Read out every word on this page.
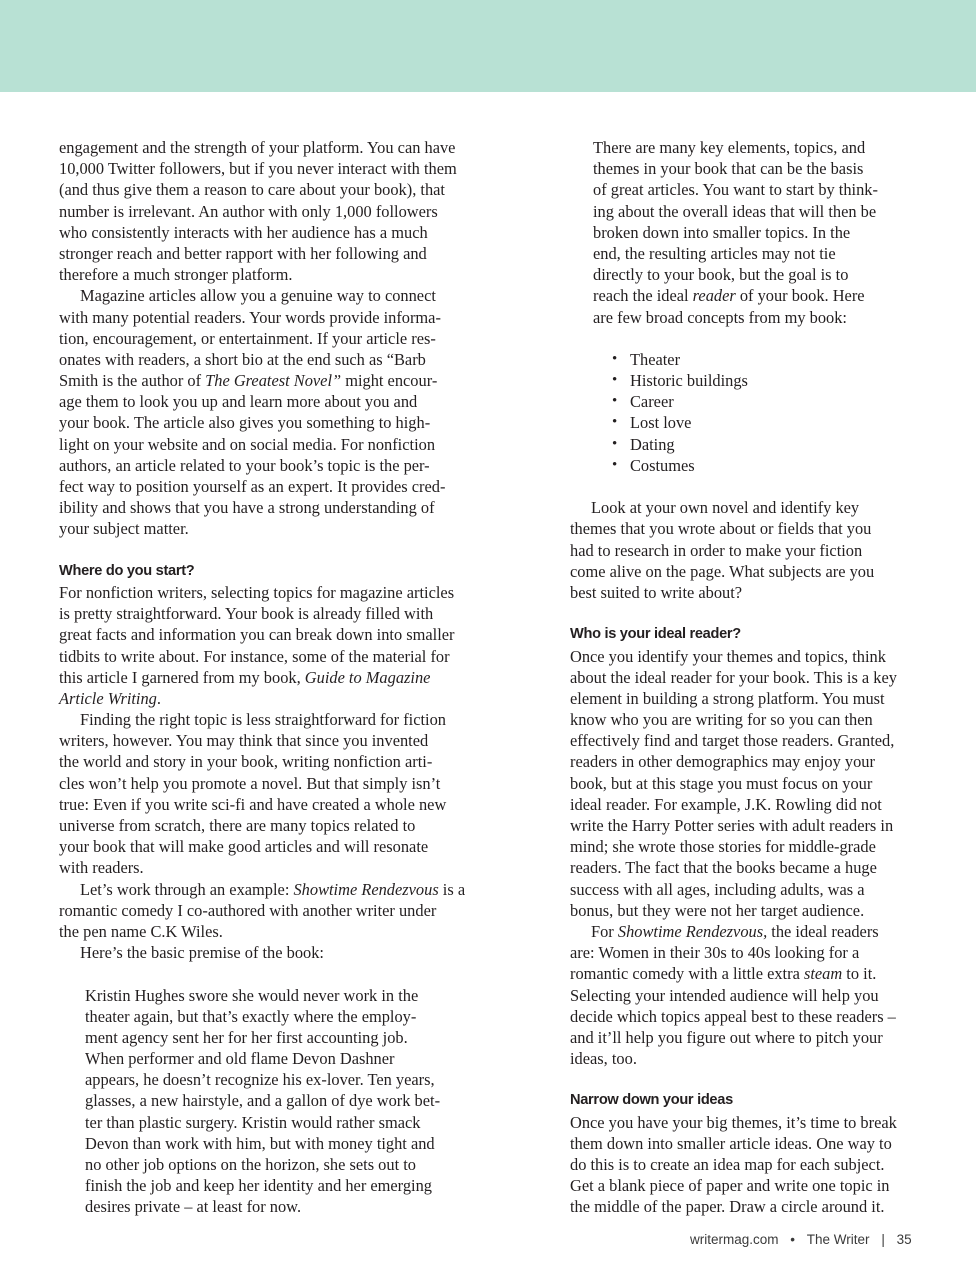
engagement and the strength of your platform. You can have
10,000 Twitter followers, but if you never interact with them
(and thus give them a reason to care about your book), that
number is irrelevant. An author with only 1,000 followers
who consistently interacts with her audience has a much
stronger reach and better rapport with her following and
therefore a much stronger platform.
Magazine articles allow you a genuine way to connect
with many potential readers. Your words provide informa-
tion, encouragement, or entertainment. If your article res-
onates with readers, a short bio at the end such as “Barb
Smith is the author of The Greatest Novel” might encour-
age them to look you up and learn more about you and
your book. The article also gives you something to high-
light on your website and on social media. For nonfiction
authors, an article related to your book’s topic is the per-
fect way to position yourself as an expert. It provides cred-
ibility and shows that you have a strong understanding of
your subject matter.
Where do you start?
For nonfiction writers, selecting topics for magazine articles
is pretty straightforward. Your book is already filled with
great facts and information you can break down into smaller
tidbits to write about. For instance, some of the material for
this article I garnered from my book, Guide to Magazine
Article Writing.
Finding the right topic is less straightforward for fiction
writers, however. You may think that since you invented
the world and story in your book, writing nonfiction arti-
cles won’t help you promote a novel. But that simply isn’t
true: Even if you write sci-fi and have created a whole new
universe from scratch, there are many topics related to
your book that will make good articles and will resonate
with readers.
Let’s work through an example: Showtime Rendezvous is a
romantic comedy I co-authored with another writer under
the pen name C.K Wiles.
Here’s the basic premise of the book:
Kristin Hughes swore she would never work in the
theater again, but that’s exactly where the employ-
ment agency sent her for her first accounting job.
When performer and old flame Devon Dashner
appears, he doesn’t recognize his ex-lover. Ten years,
glasses, a new hairstyle, and a gallon of dye work bet-
ter than plastic surgery. Kristin would rather smack
Devon than work with him, but with money tight and
no other job options on the horizon, she sets out to
finish the job and keep her identity and her emerging
desires private – at least for now.
There are many key elements, topics, and
themes in your book that can be the basis
of great articles. You want to start by think-
ing about the overall ideas that will then be
broken down into smaller topics. In the
end, the resulting articles may not tie
directly to your book, but the goal is to
reach the ideal reader of your book. Here
are few broad concepts from my book:
• Theater
• Historic buildings
• Career
• Lost love
• Dating
• Costumes
Look at your own novel and identify key
themes that you wrote about or fields that you
had to research in order to make your fiction
come alive on the page. What subjects are you
best suited to write about?
Who is your ideal reader?
Once you identify your themes and topics, think
about the ideal reader for your book. This is a key
element in building a strong platform. You must
know who you are writing for so you can then
effectively find and target those readers. Granted,
readers in other demographics may enjoy your
book, but at this stage you must focus on your
ideal reader. For example, J.K. Rowling did not
write the Harry Potter series with adult readers in
mind; she wrote those stories for middle-grade
readers. The fact that the books became a huge
success with all ages, including adults, was a
bonus, but they were not her target audience.
For Showtime Rendezvous, the ideal readers
are: Women in their 30s to 40s looking for a
romantic comedy with a little extra steam to it.
Selecting your intended audience will help you
decide which topics appeal best to these readers –
and it’ll help you figure out where to pitch your
ideas, too.
Narrow down your ideas
Once you have your big themes, it’s time to break
them down into smaller article ideas. One way to
do this is to create an idea map for each subject.
Get a blank piece of paper and write one topic in
the middle of the paper. Draw a circle around it.
writermag.com • The Writer | 35
